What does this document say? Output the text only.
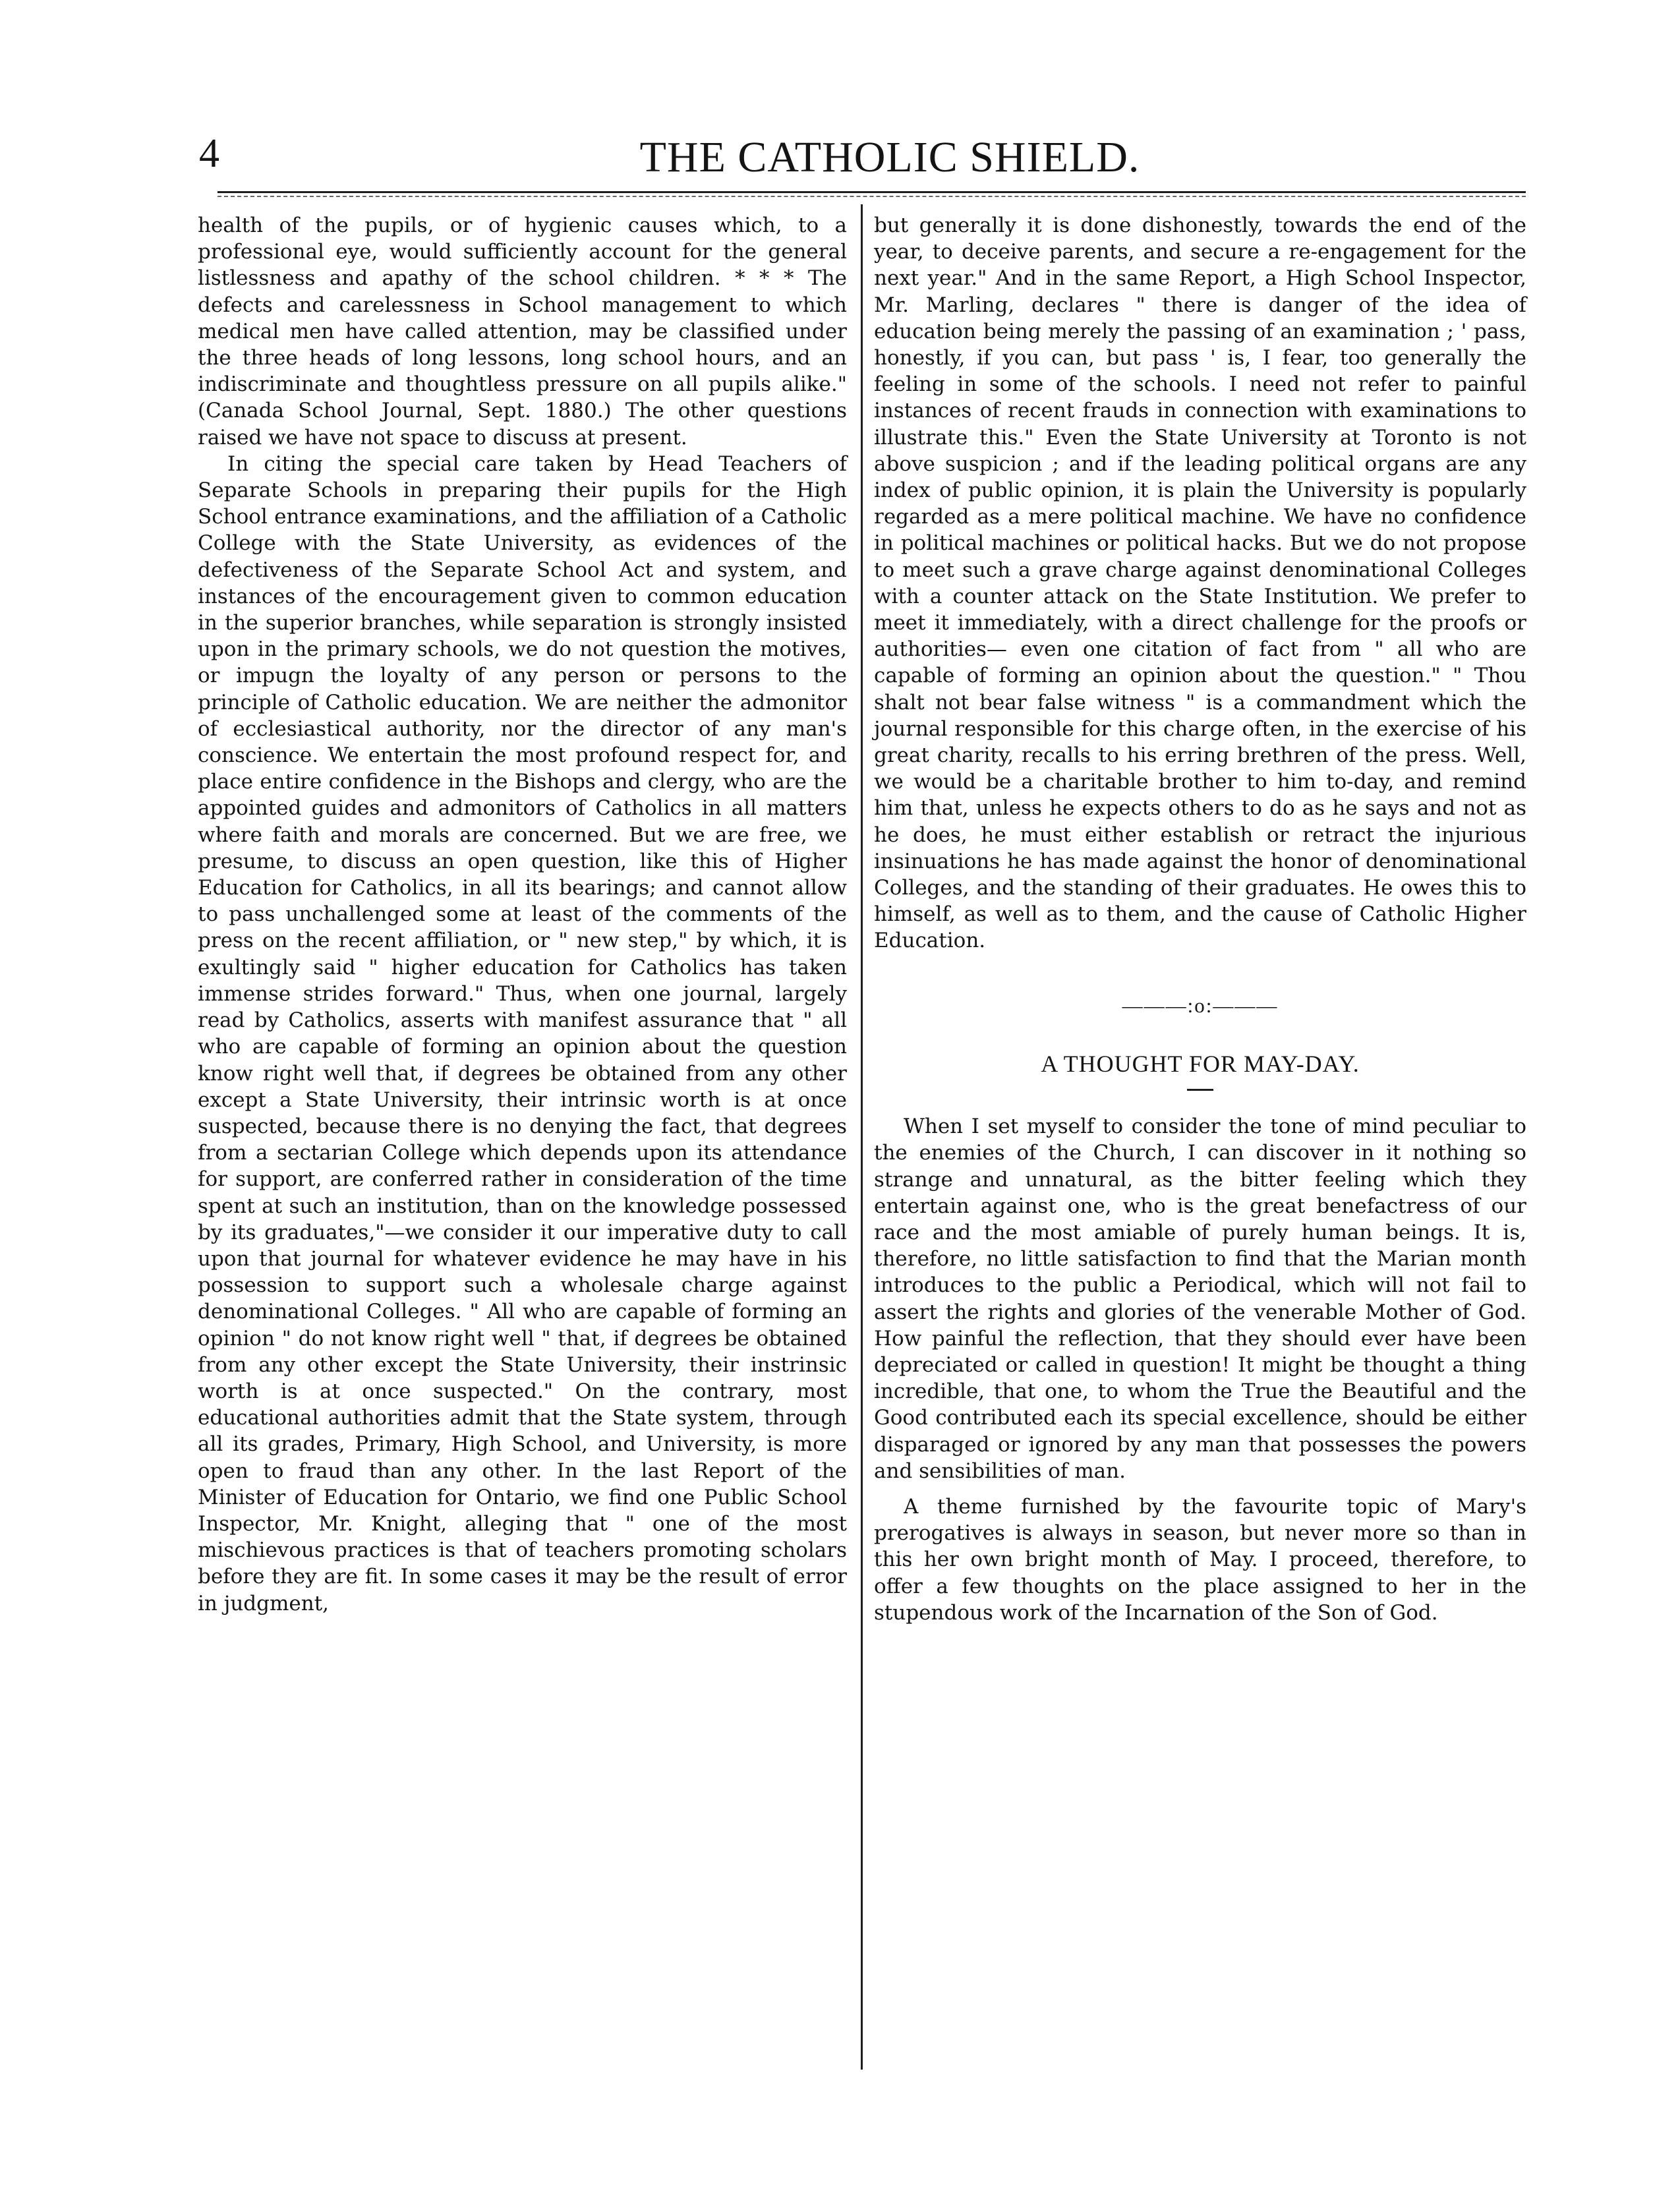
4	THE CATHOLIC SHIELD.

health of the pupils, or of hygienic causes which, to a professional eye, would sufficiently account for the general listlessness and apathy of the school children. * * * The defects and carelessness in School management to which medical men have called attention, may be classified under the three heads of long lessons, long school hours, and an indiscriminate and thoughtless pressure on all pupils alike." (Canada School Journal, Sept. 1880.) The other questions raised we have not space to discuss at present.

In citing the special care taken by Head Teachers of Separate Schools in preparing their pupils for the High School entrance examinations, and the affiliation of a Catholic College with the State University, as evidences of the defectiveness of the Separate School Act and system, and instances of the encouragement given to common education in the superior branches, while separation is strongly insisted upon in the primary schools, we do not question the motives, or impugn the loyalty of any person or persons to the principle of Catholic education. We are neither the admonitor of ecclesiastical authority, nor the director of any man's conscience. We entertain the most profound respect for, and place entire confidence in the Bishops and clergy, who are the appointed guides and admonitors of Catholics in all matters where faith and morals are concerned. But we are free, we presume, to discuss an open question, like this of Higher Education for Catholics, in all its bearings; and cannot allow to pass unchallenged some at least of the comments of the press on the recent affiliation, or " new step," by which, it is exultingly said " higher education for Catholics has taken immense strides forward." Thus, when one journal, largely read by Catholics, asserts with manifest assurance that " all who are capable of forming an opinion about the question know right well that, if degrees be obtained from any other except a State University, their intrinsic worth is at once suspected, because there is no denying the fact, that degrees from a sectarian College which depends upon its attendance for support, are conferred rather in consideration of the time spent at such an institution, than on the knowledge possessed by its graduates,"—we consider it our imperative duty to call upon that journal for whatever evidence he may have in his possession to support such a wholesale charge against denominational Colleges. " All who are capable of forming an opinion " do not know right well " that, if degrees be obtained from any other except the State University, their instrinsic worth is at once suspected." On the contrary, most educational authorities admit that the State system, through all its grades, Primary, High School, and University, is more open to fraud than any other. In the last Report of the Minister of Education for Ontario, we find one Public School Inspector, Mr. Knight, alleging that " one of the most mischievous practices is that of teachers promoting scholars before they are fit. In some cases it may be the result of error in judgment,

but generally it is done dishonestly, towards the end of the year, to deceive parents, and secure a re-engagement for the next year." And in the same Report, a High School Inspector, Mr. Marling, declares " there is danger of the idea of education being merely the passing of an examination ; ' pass, honestly, if you can, but pass ' is, I fear, too generally the feeling in some of the schools. I need not refer to painful instances of recent frauds in connection with examinations to illustrate this." Even the State University at Toronto is not above suspicion ; and if the leading political organs are any index of public opinion, it is plain the University is popularly regarded as a mere political machine. We have no confidence in political machines or political hacks. But we do not propose to meet such a grave charge against denominational Colleges with a counter attack on the State Institution. We prefer to meet it immediately, with a direct challenge for the proofs or authorities— even one citation of fact from " all who are capable of forming an opinion about the question." " Thou shalt not bear false witness " is a commandment which the journal responsible for this charge often, in the exercise of his great charity, recalls to his erring brethren of the press. Well, we would be a charitable brother to him to-day, and remind him that, unless he expects others to do as he says and not as he does, he must either establish or retract the injurious insinuations he has made against the honor of denominational Colleges, and the standing of their graduates. He owes this to himself, as well as to them, and the cause of Catholic Higher Education.

———:o:———

A THOUGHT FOR MAY-DAY.

When I set myself to consider the tone of mind peculiar to the enemies of the Church, I can discover in it nothing so strange and unnatural, as the bitter feeling which they entertain against one, who is the great benefactress of our race and the most amiable of purely human beings. It is, therefore, no little satisfaction to find that the Marian month introduces to the public a Periodical, which will not fail to assert the rights and glories of the venerable Mother of God. How painful the reflection, that they should ever have been depreciated or called in question! It might be thought a thing incredible, that one, to whom the True the Beautiful and the Good contributed each its special excellence, should be either disparaged or ignored by any man that possesses the powers and sensibilities of man.

A theme furnished by the favourite topic of Mary's prerogatives is always in season, but never more so than in this her own bright month of May. I proceed, therefore, to offer a few thoughts on the place assigned to her in the stupendous work of the Incarnation of the Son of God.
